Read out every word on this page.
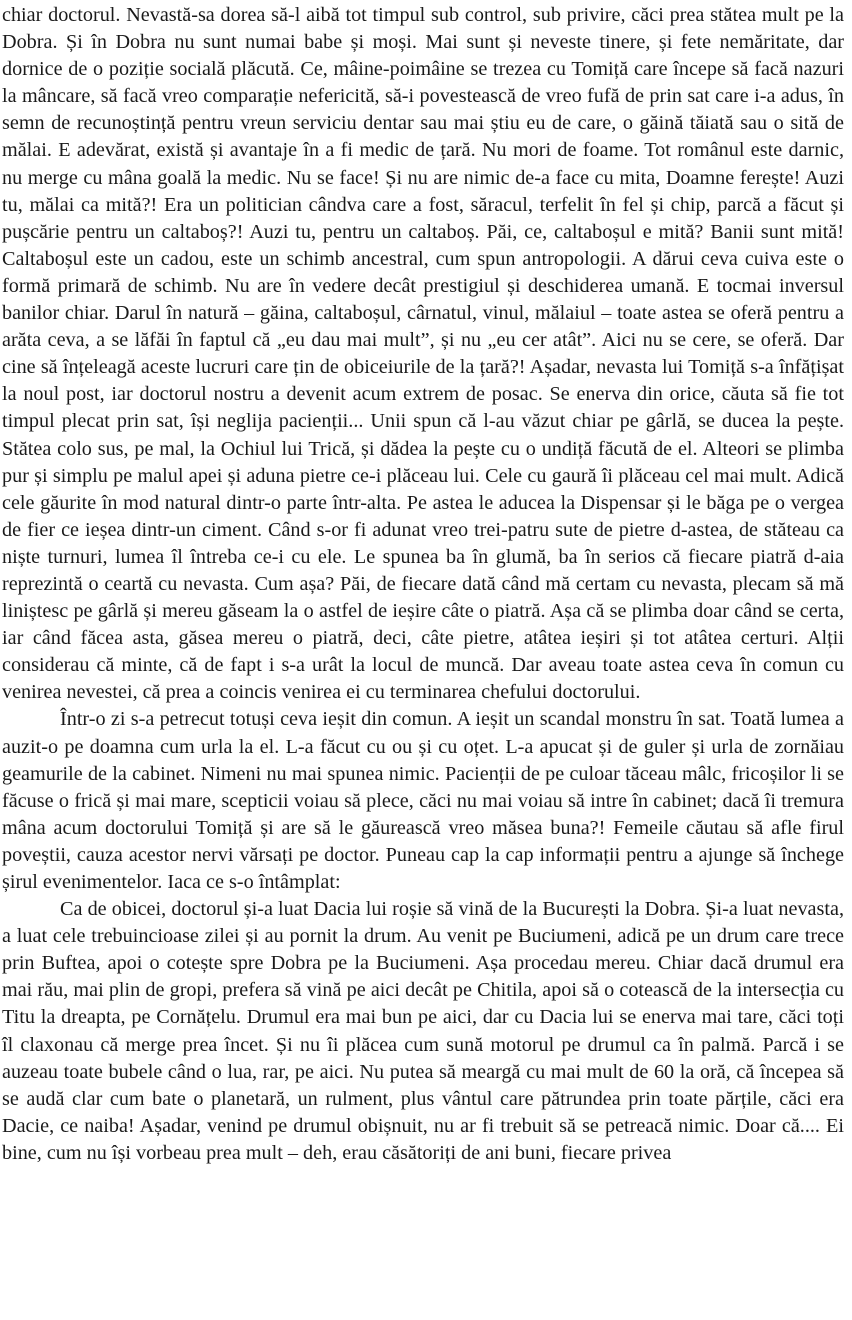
chiar doctorul. Nevastă-sa dorea să-l aibă tot timpul sub control, sub privire, căci prea stătea mult pe la Dobra. Și în Dobra nu sunt numai babe și moși. Mai sunt și neveste tinere, și fete nemăritate, dar dornice de o poziție socială plăcută. Ce, mâine-poimâine se trezea cu Tomiță care începe să facă nazuri la mâncare, să facă vreo comparație nefericită, să-i povestească de vreo fufă de prin sat care i-a adus, în semn de recunoștință pentru vreun serviciu dentar sau mai știu eu de care, o găină tăiată sau o sită de mălai. E adevărat, există și avantaje în a fi medic de țară. Nu mori de foame. Tot românul este darnic, nu merge cu mâna goală la medic. Nu se face! Și nu are nimic de-a face cu mita, Doamne ferește! Auzi tu, mălai ca mită?! Era un politician cândva care a fost, săracul, terfelit în fel și chip, parcă a făcut și pușcărie pentru un caltaboș?! Auzi tu, pentru un caltaboș. Păi, ce, caltaboșul e mită? Banii sunt mită! Caltaboșul este un cadou, este un schimb ancestral, cum spun antropologii. A dărui ceva cuiva este o formă primară de schimb. Nu are în vedere decât prestigiul și deschiderea umană. E tocmai inversul banilor chiar. Darul în natură – găina, caltaboșul, cârnatul, vinul, mălaiul – toate astea se oferă pentru a arăta ceva, a se lăfăi în faptul că „eu dau mai mult”, și nu „eu cer atât”. Aici nu se cere, se oferă. Dar cine să înțeleagă aceste lucruri care țin de obiceiurile de la țară?! Așadar, nevasta lui Tomiță s-a înfățișat la noul post, iar doctorul nostru a devenit acum extrem de posac. Se enerva din orice, căuta să fie tot timpul plecat prin sat, își neglija pacienții... Unii spun că l-au văzut chiar pe gârlă, se ducea la pește. Stătea colo sus, pe mal, la Ochiul lui Trică, și dădea la pește cu o undiță făcută de el. Alteori se plimba pur și simplu pe malul apei și aduna pietre ce-i plăceau lui. Cele cu gaură îi plăceau cel mai mult. Adică cele găurite în mod natural dintr-o parte într-alta. Pe astea le aducea la Dispensar și le băga pe o vergea de fier ce ieșea dintr-un ciment. Când s-or fi adunat vreo trei-patru sute de pietre d-astea, de stăteau ca niște turnuri, lumea îl întreba ce-i cu ele. Le spunea ba în glumă, ba în serios că fiecare piatră d-aia reprezintă o ceartă cu nevasta. Cum așa? Păi, de fiecare dată când mă certam cu nevasta, plecam să mă liniștesc pe gârlă și mereu găseam la o astfel de ieșire câte o piatră. Așa că se plimba doar când se certa, iar când făcea asta, găsea mereu o piatră, deci, câte pietre, atâtea ieșiri și tot atâtea certuri. Alții considerau că minte, că de fapt i s-a urât la locul de muncă. Dar aveau toate astea ceva în comun cu venirea nevestei, că prea a coincis venirea ei cu terminarea chefului doctorului.

Într-o zi s-a petrecut totuși ceva ieșit din comun. A ieșit un scandal monstru în sat. Toată lumea a auzit-o pe doamna cum urla la el. L-a făcut cu ou și cu oțet. L-a apucat și de guler și urla de zornăiau geamurile de la cabinet. Nimeni nu mai spunea nimic. Pacienții de pe culoar tăceau mâlc, fricoșilor li se făcuse o frică și mai mare, scepticii voiau să plece, căci nu mai voiau să intre în cabinet; dacă îi tremura mâna acum doctorului Tomiță și are să le găurească vreo măsea buna?! Femeile căutau să afle firul poveștii, cauza acestor nervi vărsați pe doctor. Puneau cap la cap informații pentru a ajunge să închege șirul evenimentelor. Iaca ce s-o întâmplat:

Ca de obicei, doctorul și-a luat Dacia lui roșie să vină de la București la Dobra. Și-a luat nevasta, a luat cele trebuincioase zilei și au pornit la drum. Au venit pe Buciumeni, adică pe un drum care trece prin Buftea, apoi o cotește spre Dobra pe la Buciumeni. Așa procedau mereu. Chiar dacă drumul era mai rău, mai plin de gropi, prefera să vină pe aici decât pe Chitila, apoi să o cotească de la intersecția cu Titu la dreapta, pe Cornățelu. Drumul era mai bun pe aici, dar cu Dacia lui se enerva mai tare, căci toți îl claxonau că merge prea încet. Și nu îi plăcea cum sună motorul pe drumul ca în palmă. Parcă i se auzeau toate bubele când o lua, rar, pe aici. Nu putea să meargă cu mai mult de 60 la oră, că începea să se audă clar cum bate o planetară, un rulment, plus vântul care pătrundea prin toate părțile, căci era Dacie, ce naiba! Așadar, venind pe drumul obișnuit, nu ar fi trebuit să se petreacă nimic. Doar că.... Ei bine, cum nu își vorbeau prea mult – deh, erau căsătoriți de ani buni, fiecare privea
